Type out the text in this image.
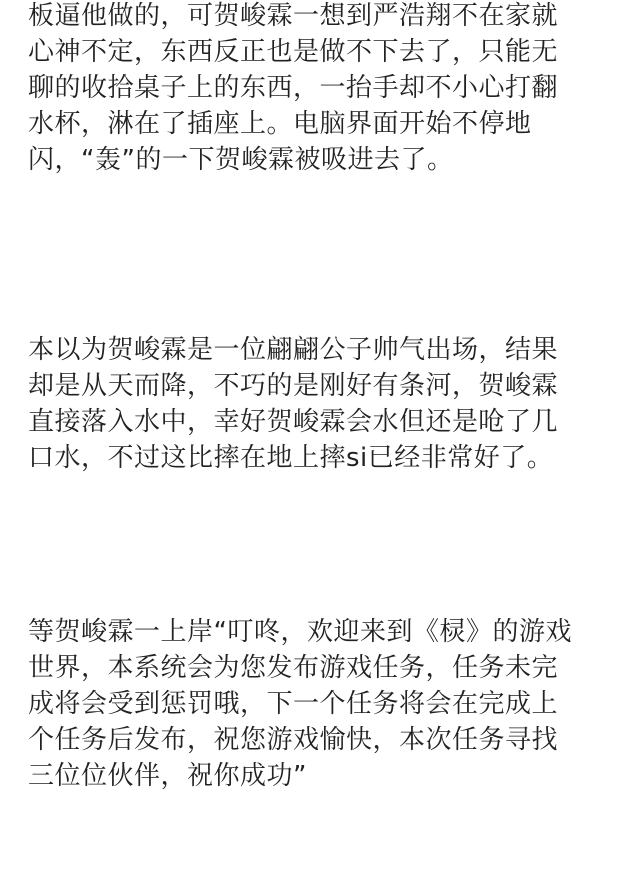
板逼他做的，可贺峻霖一想到严浩翔不在家就
心神不定，东西反正也是做不下去了，只能无
聊的收拾桌子上的东西，一抬手却不小心打翻
水杯，淋在了插座上。电脑界面开始不停地
闪，“轰”的一下贺峻霖被吸进去了。

本以为贺峻霖是一位翩翩公子帅气出场，结果
却是从天而降，不巧的是刚好有条河，贺峻霖
直接落入水中，幸好贺峻霖会水但还是呛了几
口水，不过这比摔在地上摔si已经非常好了。

等贺峻霖一上岸“叮咚，欢迎来到《棂》的游戏
世界，本系统会为您发布游戏任务，任务未完
成将会受到惩罚哦，下一个任务将会在完成上
个任务后发布，祝您游戏愉快，本次任务寻找
三位位伙伴，祝你成功”
